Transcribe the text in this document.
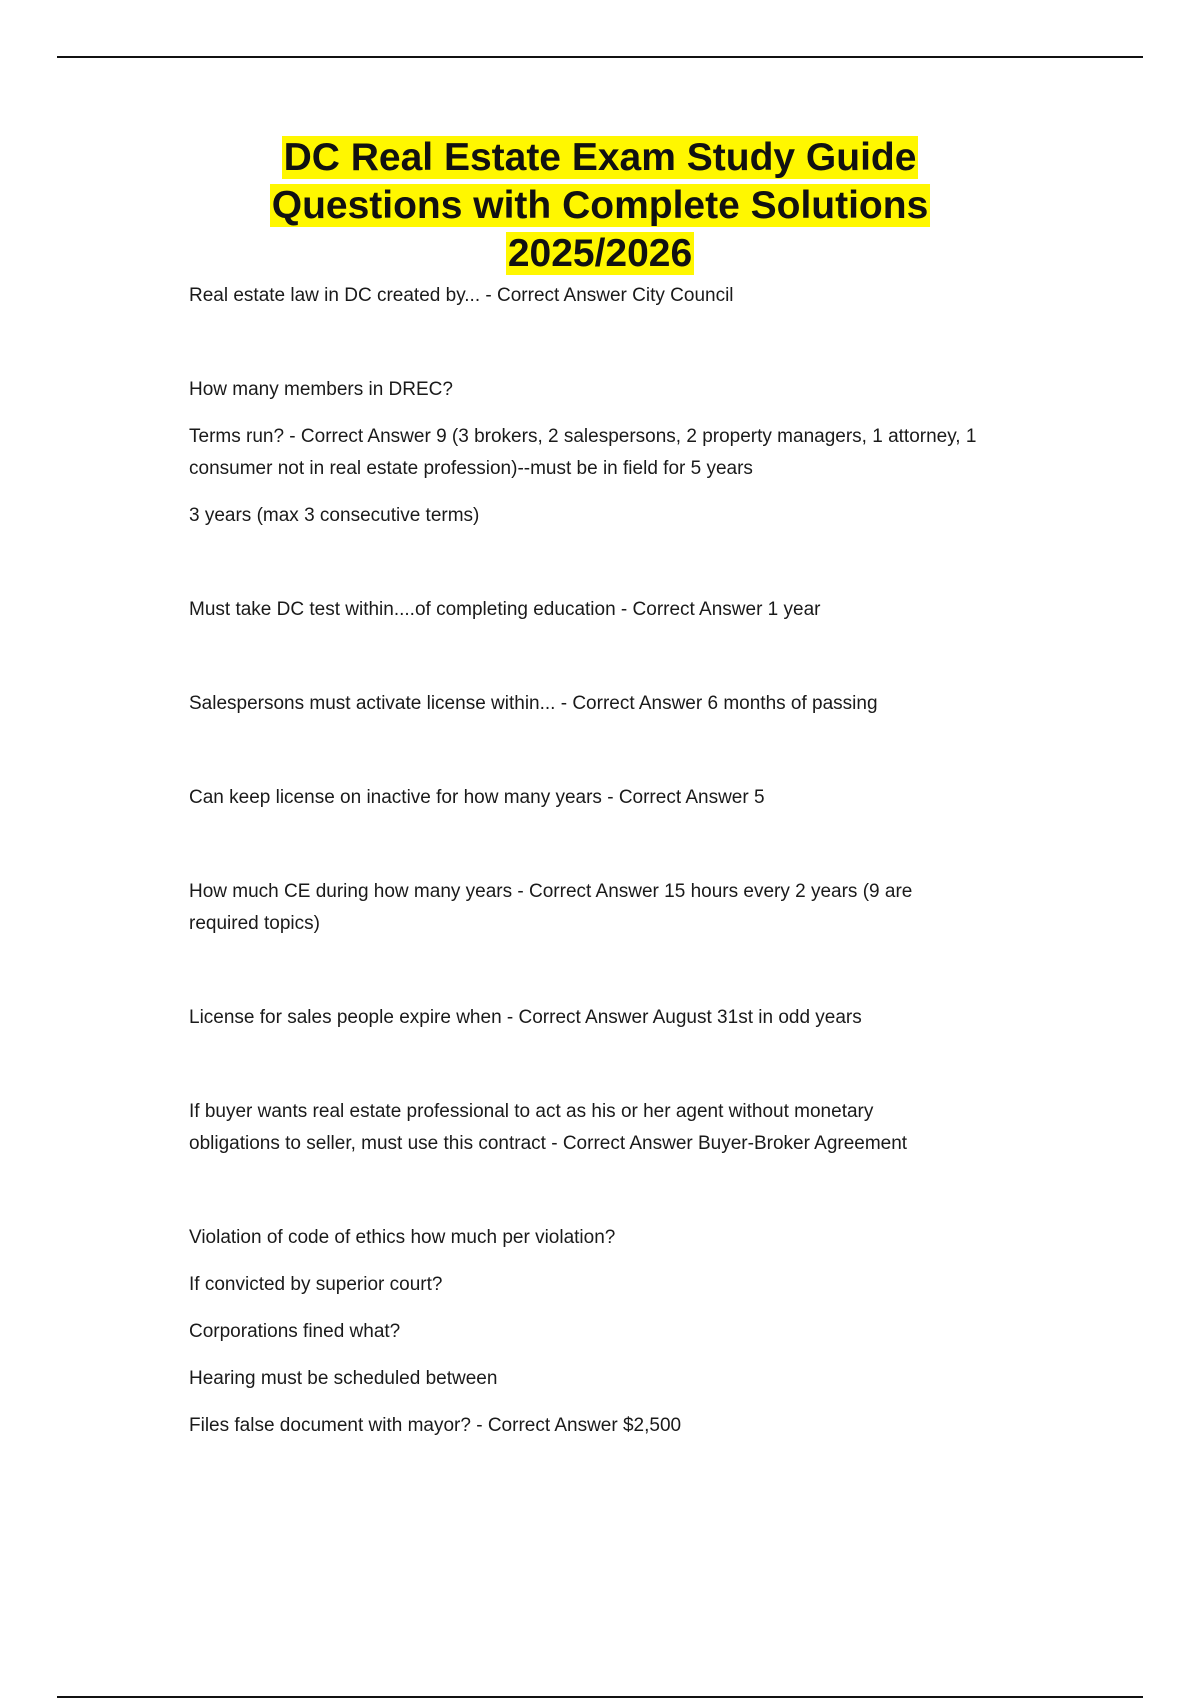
DC Real Estate Exam Study Guide Questions with Complete Solutions 2025/2026

Real estate law in DC created by... - Correct Answer City Council

How many members in DREC?

Terms run? - Correct Answer 9 (3 brokers, 2 salespersons, 2 property managers, 1 attorney, 1

consumer not in real estate profession)--must be in field for 5 years

3 years (max 3 consecutive terms)

Must take DC test within....of completing education - Correct Answer 1 year

Salespersons must activate license within... - Correct Answer 6 months of passing

Can keep license on inactive for how many years - Correct Answer 5

How much CE during how many years - Correct Answer 15 hours every 2 years (9 are

required topics)

License for sales people expire when - Correct Answer August 31st in odd years

If buyer wants real estate professional to act as his or her agent without monetary

obligations to seller, must use this contract - Correct Answer Buyer-Broker Agreement

Violation of code of ethics how much per violation?

If convicted by superior court?

Corporations fined what?

Hearing must be scheduled between

Files false document with mayor? - Correct Answer $2,500
